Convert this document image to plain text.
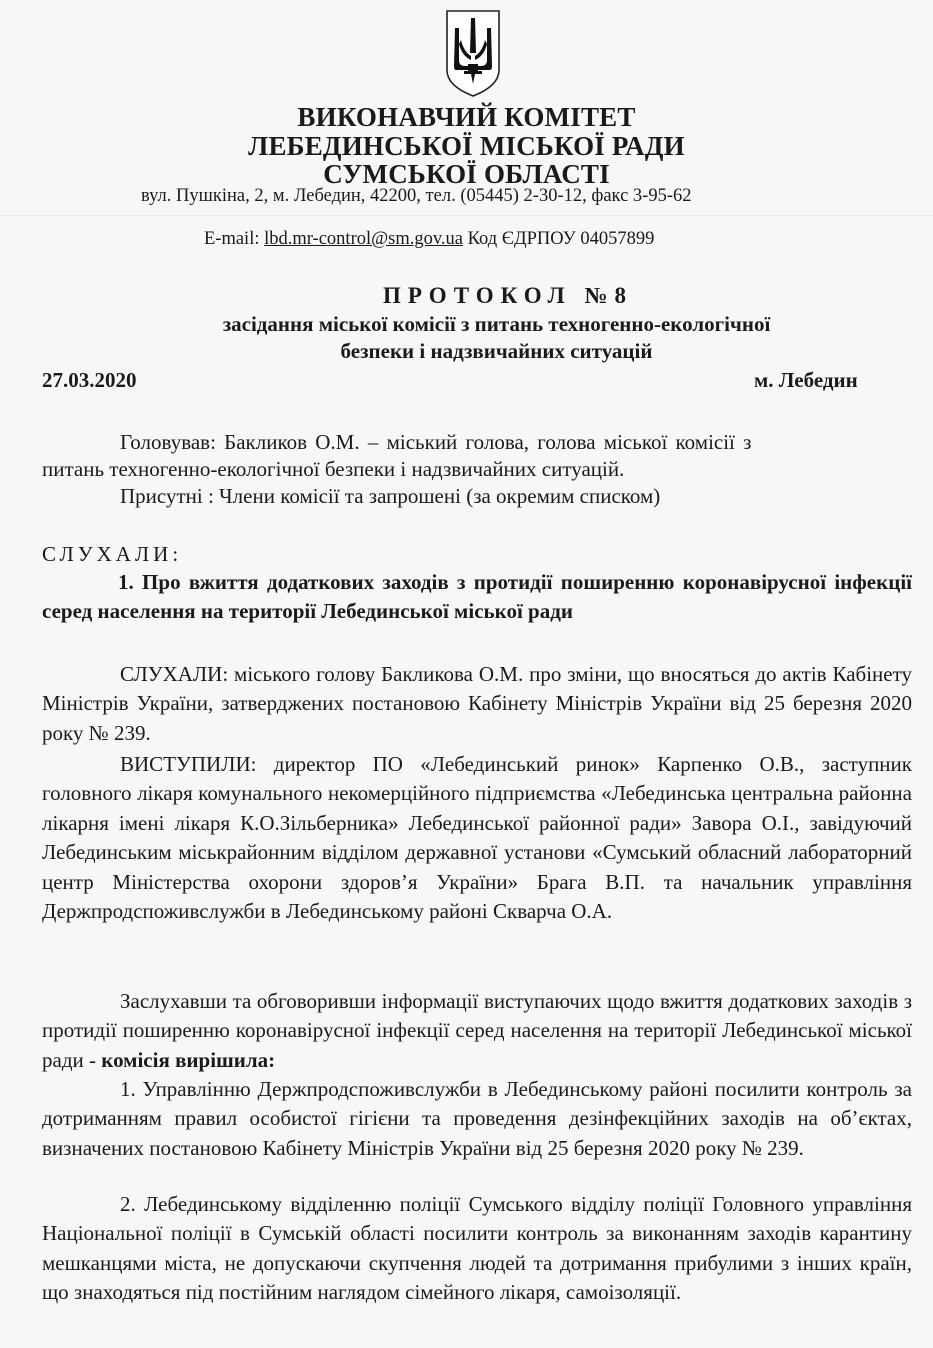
ВИКОНАВЧИЙ КОМІТЕТ
ЛЕБЕДИНСЬКОЇ МІСЬКОЇ РАДИ
СУМСЬКОЇ ОБЛАСТІ
вул. Пушкіна, 2, м. Лебедин, 42200, тел. (05445) 2-30-12, факс 3-95-62
E-mail: lbd.mr-control@sm.gov.ua Код ЄДРПОУ 04057899
ПРОТОКОЛ №8
засідання міської комісії з питань техногенно-екологічної
безпеки і надзвичайних ситуацій
27.03.2020	м. Лебедин
Головував: Бакликов О.М. – міський голова, голова міської комісії з
питань техногенно-екологічної безпеки і надзвичайних ситуацій.
Присутні : Члени комісії та запрошені (за окремим списком)
СЛУХАЛИ:
1. Про вжиття додаткових заходів з протидії поширенню коронавірусної інфекції серед населення на території Лебединської міської ради
СЛУХАЛИ: міського голову Бакликова О.М. про зміни, що вносяться до актів Кабінету Міністрів України, затверджених постановою Кабінету Міністрів України від 25 березня 2020 року № 239.
ВИСТУПИЛИ: директор ПО «Лебединський ринок» Карпенко О.В., заступник головного лікаря комунального некомерційного підприємства «Лебединська центральна районна лікарня імені лікаря К.О.Зільберника» Лебединської районної ради» Завора О.І., завідуючий Лебединським міськрайонним відділом державної установи «Сумський обласний лабораторний центр Міністерства охорони здоров’я України» Брага В.П. та начальник управління Держпродспоживслужби в Лебединському районі Скварча О.А.
Заслухавши та обговоривши інформації виступаючих щодо вжиття додаткових заходів з протидії поширенню коронавірусної інфекції серед населення на території Лебединської міської ради - комісія вирішила:
1. Управлінню Держпродспоживслужби в Лебединському районі посилити контроль за дотриманням правил особистої гігієни та проведення дезінфекційних заходів на об’єктах, визначених постановою Кабінету Міністрів України від 25 березня 2020 року № 239.
2. Лебединському відділенню поліції Сумського відділу поліції Головного управління Національної поліції в Сумській області посилити контроль за виконанням заходів карантину мешканцями міста, не допускаючи скупчення людей та дотримання прибулими з інших країн, що знаходяться під постійним наглядом сімейного лікаря, самоізоляції.
